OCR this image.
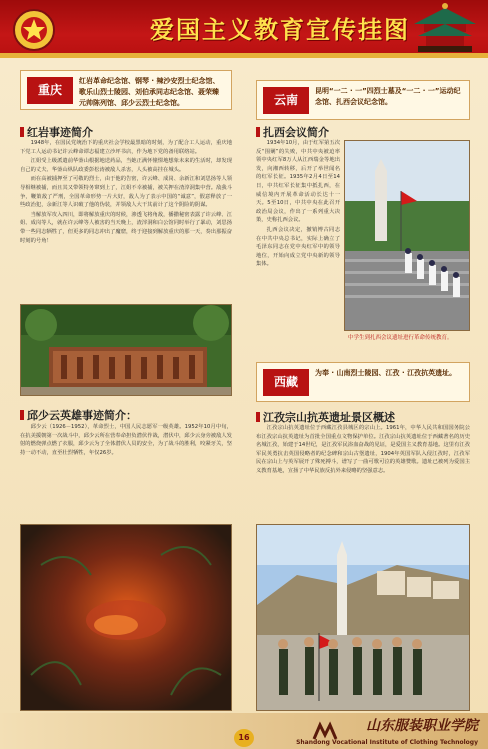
爱国主义教育宣传挂图
重庆
红岩革命纪念馆、钢琴 · 辣沙安烈士纪念馆、歌乐山烈士陵园、刘伯承同志纪念馆、聂荣臻元帅陈列馆、邱少云烈士纪念馆。
红岩事迹简介

1948年，在国民党统治下的重庆社会学校最黑暗的时刻，为了配合工人运动，重庆地下党工人运动书记许云峰命谭志福建立沙坪书店，作为地下党的备用联络站。

江姐受上级派遣前华蓥山根据地送药品，当她正满怀憧憬地想象未来的生活时，却发现自己的丈夫、华蓥山纵队政委彭松涛被敌人杀害，人头被高挂在城头。

而在高被捕押至了可敬的烈士，由于他的告密，许云峰、成岗、余新江和刘思扬等人领导相继被捕，而且其又带领特务窜到上了，江姐不幸被捕，被关押在渣滓洞集中营。敌我斗争，鞭策敌了严刑，全国革命形势一片大好，敌人为了表示中国的“诚意”，假意释放了一些政治犯，余新江等人识破了他的伪装，并领敌人大干其前计了这个阴险的阴谋。

当解放军攻入四川，即将解放重庆的时候，渗透飞将角敌，播撒秘密表露了许云峰、江姐、成岗等人，就在许云峰等人被害的当天晚上，渣滓洞和白公馆同时举行了暴动，刘思扬带一些同志牺牲了，但更多的同志冲出了魔窟，终于迎接到解放重庆的那一天，奏出那振奋时刻的号角！

邱少云英雄事迹简介：

邱少云（1926－1952），革命烈士，中国人民志愿军一级英雄。1952年10月中旬，在抗美援朝第一次战斗中，邱少云所在营奉命担负潜伏作战，潜伏中，邱少云身旁被敌人发射的燃烧弹点燃了衣服，邱少云为了全体潜伏人员的安全，为了战斗的胜利，咬紧牙关，坚持一动不动，直至壮烈牺牲，年仅26岁。

云南
昆明“一二 · 一”四烈士墓及“一二 · 一”运动纪念馆、扎西会议纪念馆。
扎西会议简介

1934年10月，由于红军第五次反“围剿”的失败，中共中央被迫率领中央红军8万人从江西瑞金等地出发，向湘西转移，后开了举世闻名的红军长征。1935年2月4日至14日，中共红军长征集中抵扎西，在威信境内开展革命活动长达十一天。5至10日，中共中央在此召开政治局会议，作出了一系列重大决策，史称扎西会议。

扎西会议决定，撤销博古同志在中共中央总书记，实际上确立了毛泽东同志在党中央红军中的领导地位，开始向成立党中央新的领导集体。

中学生到扎西会议遗址进行革命传统教育。
西藏
为奉 · 山南烈士陵园、江孜 · 江孜抗英遗址。
江孜宗山抗英遗址景区概述

江孜宗山抗英遗址位于西藏江孜县城区的宗山上。1961年，中华人民共和国国务院公布江孜宗山抗英遗址为首批全国重点文物保护单位。江孜宗山抗英遗址位于西藏著名的历史名城江孜，始建于14世纪，是江孜军民浴血奋战的见证，是爱国主义教育基地。这里有江孜军民英勇抗击英国侵略者的纪念碑和宗山古堡遗址，1904年英国军队入侵江孜时，江孜军民在宗山上与英军展开了殊死搏斗，谱写了一曲可歌可泣的英雄赞歌。遗址已被列为爱国主义教育基地，宣扬了中华民族反抗外来侵略的坚强意志。

16
山东服装职业学院
Shandong Vocational Institute of Clothing Technology
